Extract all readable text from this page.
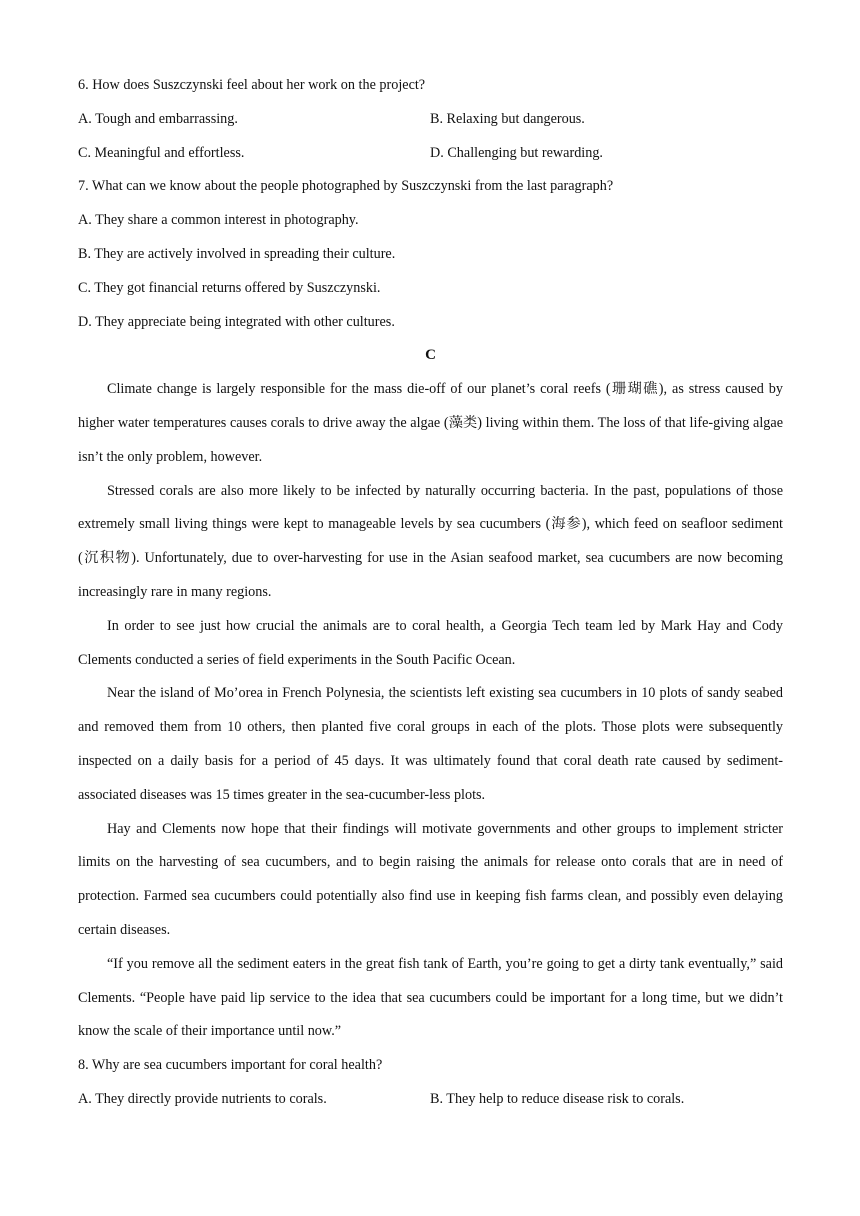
6. How does Suszczynski feel about her work on the project?
A. Tough and embarrassing.	B. Relaxing but dangerous.
C. Meaningful and effortless.	D. Challenging but rewarding.
7. What can we know about the people photographed by Suszczynski from the last paragraph?
A. They share a common interest in photography.
B. They are actively involved in spreading their culture.
C. They got financial returns offered by Suszczynski.
D. They appreciate being integrated with other cultures.
C
Climate change is largely responsible for the mass die-off of our planet’s coral reefs (珊瑚礁), as stress caused by higher water temperatures causes corals to drive away the algae (藻类) living within them. The loss of that life-giving algae isn’t the only problem, however.
Stressed corals are also more likely to be infected by naturally occurring bacteria. In the past, populations of those extremely small living things were kept to manageable levels by sea cucumbers (海参), which feed on seafloor sediment (沉积物). Unfortunately, due to over-harvesting for use in the Asian seafood market, sea cucumbers are now becoming increasingly rare in many regions.
In order to see just how crucial the animals are to coral health, a Georgia Tech team led by Mark Hay and Cody Clements conducted a series of field experiments in the South Pacific Ocean.
Near the island of Mo’orea in French Polynesia, the scientists left existing sea cucumbers in 10 plots of sandy seabed and removed them from 10 others, then planted five coral groups in each of the plots. Those plots were subsequently inspected on a daily basis for a period of 45 days. It was ultimately found that coral death rate caused by sediment-associated diseases was 15 times greater in the sea-cucumber-less plots.
Hay and Clements now hope that their findings will motivate governments and other groups to implement stricter limits on the harvesting of sea cucumbers, and to begin raising the animals for release onto corals that are in need of protection. Farmed sea cucumbers could potentially also find use in keeping fish farms clean, and possibly even delaying certain diseases.
“If you remove all the sediment eaters in the great fish tank of Earth, you’re going to get a dirty tank eventually,” said Clements. “People have paid lip service to the idea that sea cucumbers could be important for a long time, but we didn’t know the scale of their importance until now.”
8. Why are sea cucumbers important for coral health?
A. They directly provide nutrients to corals.	B. They help to reduce disease risk to corals.
